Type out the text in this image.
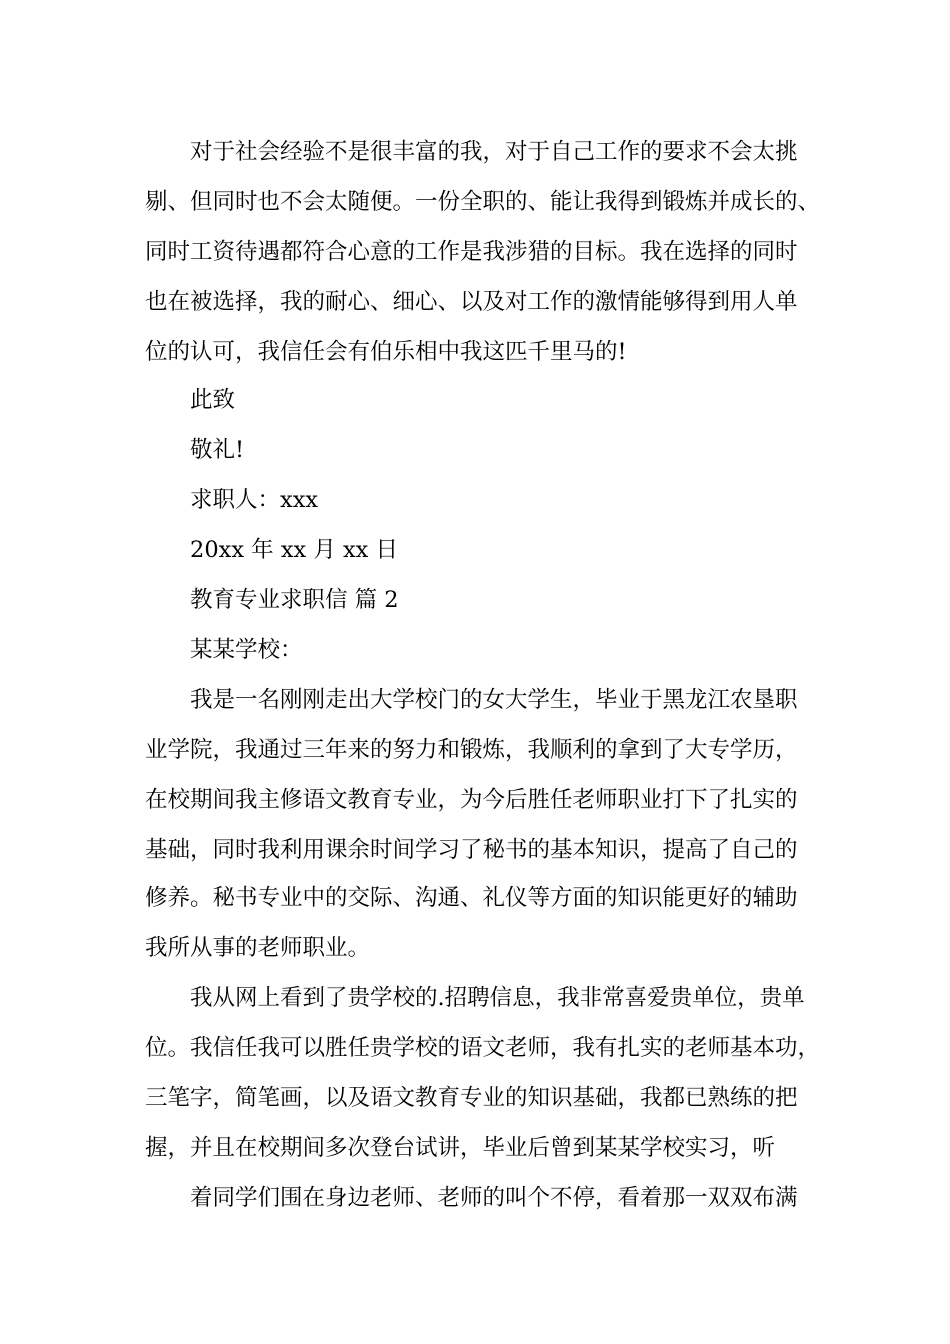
对于社会经验不是很丰富的我，对于自己工作的要求不会太挑
剔、但同时也不会太随便。一份全职的、能让我得到锻炼并成长的、
同时工资待遇都符合心意的工作是我涉猎的目标。我在选择的同时
也在被选择，我的耐心、细心、以及对工作的激情能够得到用人单
位的认可，我信任会有伯乐相中我这匹千里马的!
此致
敬礼!
求职人：xxx
20xx 年 xx 月 xx 日
教育专业求职信 篇 2
某某学校：
我是一名刚刚走出大学校门的女大学生，毕业于黑龙江农垦职
业学院，我通过三年来的努力和锻炼，我顺利的拿到了大专学历，
在校期间我主修语文教育专业，为今后胜任老师职业打下了扎实的
基础，同时我利用课余时间学习了秘书的基本知识，提高了自己的
修养。秘书专业中的交际、沟通、礼仪等方面的知识能更好的辅助
我所从事的老师职业。
我从网上看到了贵学校的.招聘信息，我非常喜爱贵单位，贵单
位。我信任我可以胜任贵学校的语文老师，我有扎实的老师基本功，
三笔字，简笔画，以及语文教育专业的知识基础，我都已熟练的把
握，并且在校期间多次登台试讲，毕业后曾到某某学校实习，听
着同学们围在身边老师、老师的叫个不停，看着那一双双布满
